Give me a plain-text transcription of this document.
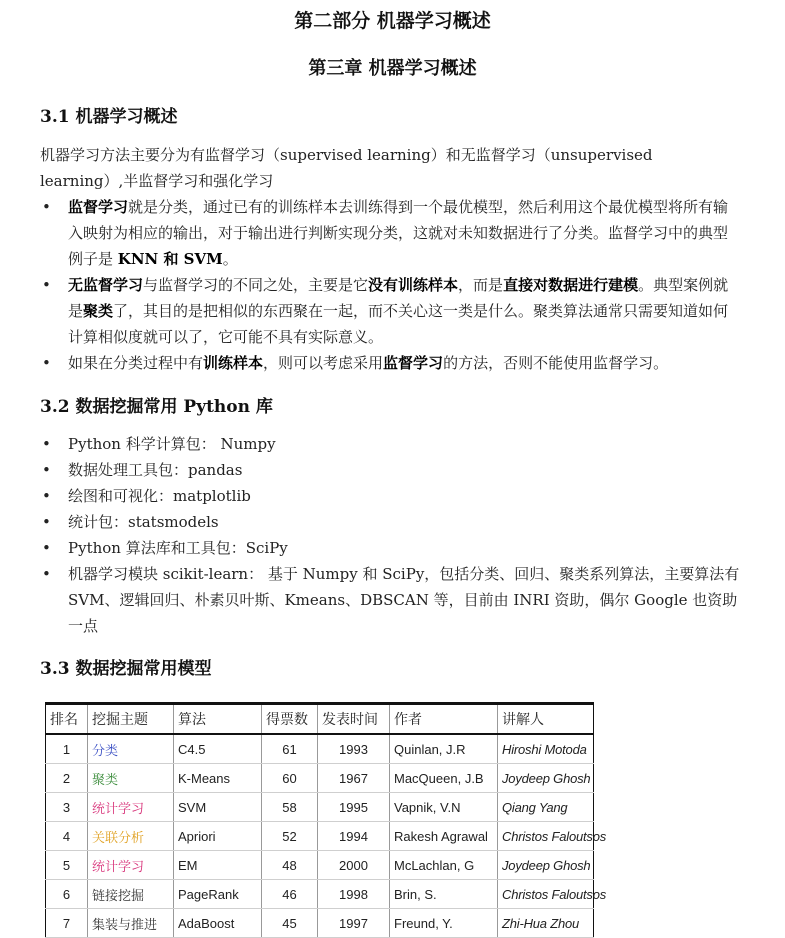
第二部分 机器学习概述
第三章 机器学习概述
3.1 机器学习概述

机器学习方法主要分为有监督学习（supervised learning）和无监督学习（unsupervised learning）,半监督学习和强化学习

监督学习就是分类，通过已有的训练样本去训练得到一个最优模型，然后利用这个最优模型将所有输入映射为相应的输出，对于输出进行判断实现分类，这就对未知数据进行了分类。监督学习中的典型例子是 KNN 和 SVM。
无监督学习与监督学习的不同之处，主要是它没有训练样本，而是直接对数据进行建模。典型案例就是聚类了，其目的是把相似的东西聚在一起，而不关心这一类是什么。聚类算法通常只需要知道如何计算相似度就可以了，它可能不具有实际意义。
如果在分类过程中有训练样本，则可以考虑采用监督学习的方法，否则不能使用监督学习。
3.2 数据挖掘常用 Python 库
Python 科学计算包： Numpy
数据处理工具包：pandas
绘图和可视化：matplotlib
统计包：statsmodels
Python 算法库和工具包：SciPy
机器学习模块 scikit-learn： 基于 Numpy 和 SciPy，包括分类、回归、聚类系列算法，主要算法有 SVM、逻辑回归、朴素贝叶斯、Kmeans、DBSCAN 等，目前由 INRI 资助，偶尔 Google 也资助一点
3.3 数据挖掘常用模型
排名	挖掘主题	算法	得票数	发表时间	作者	讲解人
1	分类	C4.5	61	1993	Quinlan, J.R	Hiroshi Motoda
2	聚类	K-Means	60	1967	MacQueen, J.B	Joydeep Ghosh
3	统计学习	SVM	58	1995	Vapnik, V.N	Qiang Yang
4	关联分析	Apriori	52	1994	Rakesh Agrawal	Christos Faloutsos
5	统计学习	EM	48	2000	McLachlan, G	Joydeep Ghosh
6	链接挖掘	PageRank	46	1998	Brin, S.	Christos Faloutsos
7	集装与推进	AdaBoost	45	1997	Freund, Y.	Zhi-Hua Zhou
